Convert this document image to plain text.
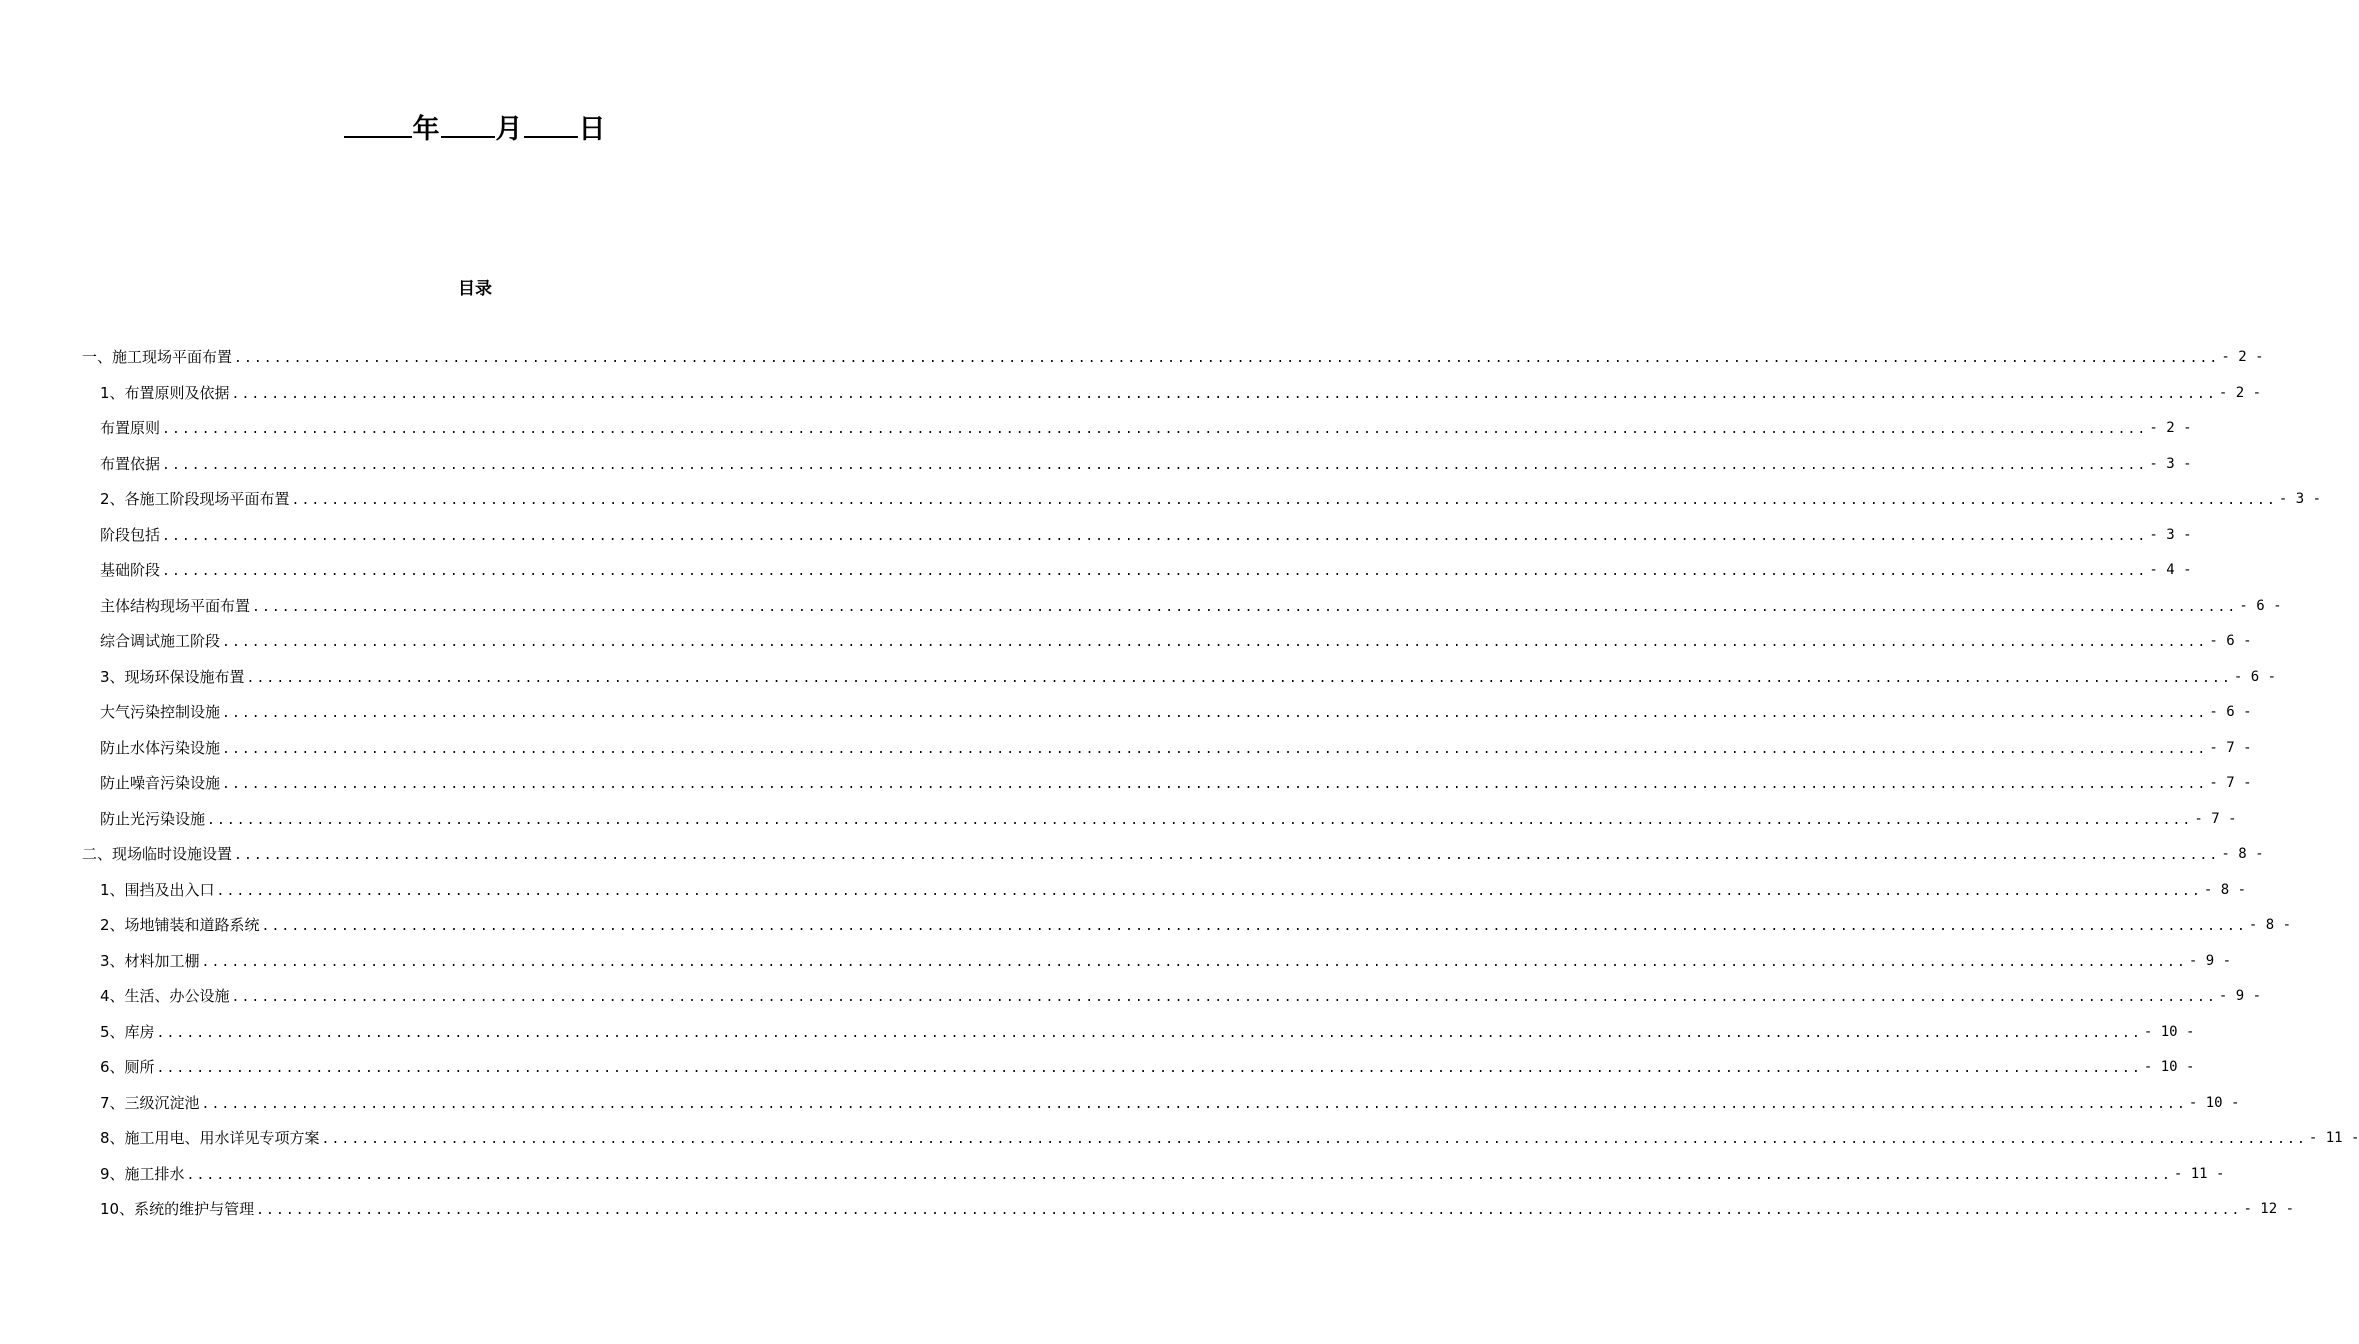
年 月 日
目录
一、施工现场平面布置 ........................................................................................................................................................................................................ - 2 -
1、布置原则及依据 ........................................................................................................................................................................................................ - 2 -
布置原则 ........................................................................................................................................................................................................ - 2 -
布置依据 ........................................................................................................................................................................................................ - 3 -
2、各施工阶段现场平面布置 ........................................................................................................................................................................................................ - 3 -
阶段包括 ........................................................................................................................................................................................................ - 3 -
基础阶段 ........................................................................................................................................................................................................ - 4 -
主体结构现场平面布置 ........................................................................................................................................................................................................ - 6 -
综合调试施工阶段 ........................................................................................................................................................................................................ - 6 -
3、现场环保设施布置 ........................................................................................................................................................................................................ - 6 -
大气污染控制设施 ........................................................................................................................................................................................................ - 6 -
防止水体污染设施 ........................................................................................................................................................................................................ - 7 -
防止噪音污染设施 ........................................................................................................................................................................................................ - 7 -
防止光污染设施 ........................................................................................................................................................................................................ - 7 -
二、现场临时设施设置 ........................................................................................................................................................................................................ - 8 -
1、围挡及出入口 ........................................................................................................................................................................................................ - 8 -
2、场地铺装和道路系统 ........................................................................................................................................................................................................ - 8 -
3、材料加工棚 ........................................................................................................................................................................................................ - 9 -
4、生活、办公设施 ........................................................................................................................................................................................................ - 9 -
5、库房 ........................................................................................................................................................................................................ - 10 -
6、厕所 ........................................................................................................................................................................................................ - 10 -
7、三级沉淀池 ........................................................................................................................................................................................................ - 10 -
8、施工用电、用水详见专项方案 ........................................................................................................................................................................................................ - 11 -
9、施工排水 ........................................................................................................................................................................................................ - 11 -
10、系统的维护与管理 ........................................................................................................................................................................................................ - 12 -
